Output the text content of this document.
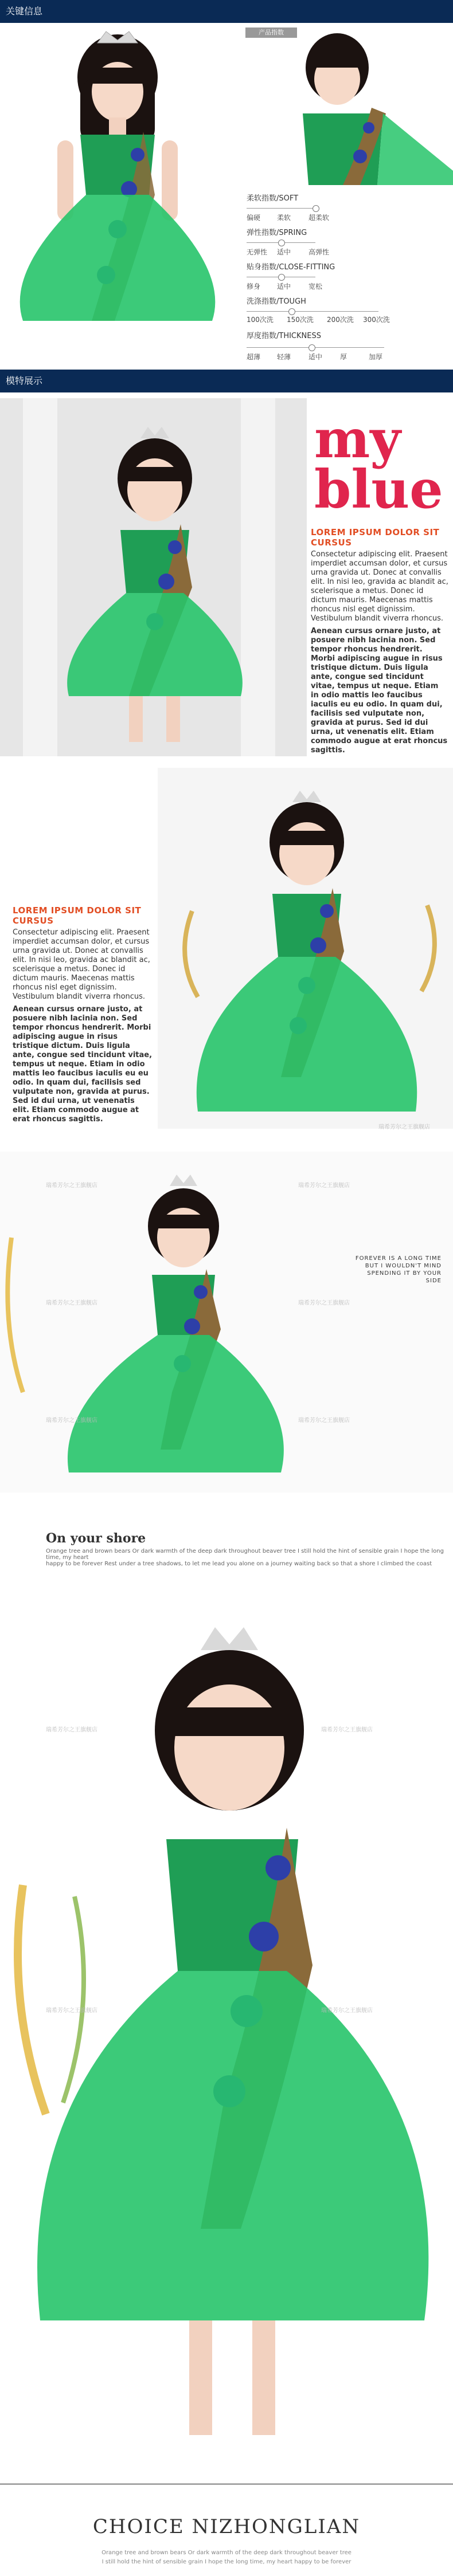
关键信息
产品指数
柔软指数/SOFT
偏硬 柔软	超柔软
弹性指数/SPRING
无弹性 适中	高弹性
贴身指数/CLOSE-FITTING
修身 适中	宽松
洗涤指数/TOUGH
100次洗 150次洗 200次洗 300次洗
厚度指数/THICKNESS
超薄 轻薄	适中	厚	加厚
模特展示
my
blue
LOREM IPSUM DOLOR SIT CURSUS
Consectetur adipiscing elit. Praesent imperdiet accumsan dolor, et cursus urna gravida ut. Donec at convallis elit. In nisi leo, gravida ac blandit ac, scelerisque a metus. Donec id dictum mauris. Maecenas mattis rhoncus nisl eget dignissim. Vestibulum blandit viverra rhoncus.
Aenean cursus ornare justo, at posuere nibh lacinia non. Sed tempor rhoncus hendrerit. Morbi adipiscing augue in risus tristique dictum. Duis ligula ante, congue sed tincidunt vitae, tempus ut neque. Etiam in odio mattis leo faucibus iaculis eu eu odio. In quam dui, facilisis sed vulputate non, gravida at purus. Sed id dui urna, ut venenatis elit. Etiam commodo augue at erat rhoncus sagittis.
瑞希芳尔之王旗舰店
LOREM IPSUM DOLOR SIT CURSUS
Consectetur adipiscing elit. Praesent imperdiet accumsan dolor, et cursus urna gravida ut. Donec at convallis elit. In nisi leo, gravida ac blandit ac, scelerisque a metus. Donec id dictum mauris. Maecenas mattis rhoncus nisl eget dignissim. Vestibulum blandit viverra rhoncus.
Aenean cursus ornare justo, at posuere nibh lacinia non. Sed tempor rhoncus hendrerit. Morbi adipiscing augue in risus tristique dictum. Duis ligula ante, congue sed tincidunt vitae, tempus ut neque. Etiam in odio mattis leo faucibus iaculis eu eu odio. In quam dui, facilisis sed vulputate non, gravida at purus. Sed id dui urna, ut venenatis elit. Etiam commodo augue at erat rhoncus sagittis.
FOREVER IS A LONG TIME BUT I WOULDN'T MIND SPENDING IT BY YOUR SIDE
瑞希芳尔之王旗舰店	瑞希芳尔之王旗舰店
瑞希芳尔之王旗舰店	瑞希芳尔之王旗舰店
瑞希芳尔之王旗舰店	瑞希芳尔之王旗舰店
On your shore
Orange tree and brown bears Or dark warmth of the deep dark throughout beaver tree I still hold the hint of sensible grain I hope the long time, my heart
happy to be forever Rest under a tree shadows, to let me lead you alone on a journey waiting back so that a shore I climbed the coast
瑞希芳尔之王旗舰店	瑞希芳尔之王旗舰店
瑞希芳尔之王旗舰店	瑞希芳尔之王旗舰店
CHOICE NIZHONGLIAN
Orange tree and brown bears Or dark warmth of the deep dark throughout beaver tree
I still hold the hint of sensible grain I hope the long time, my heart happy to be forever
